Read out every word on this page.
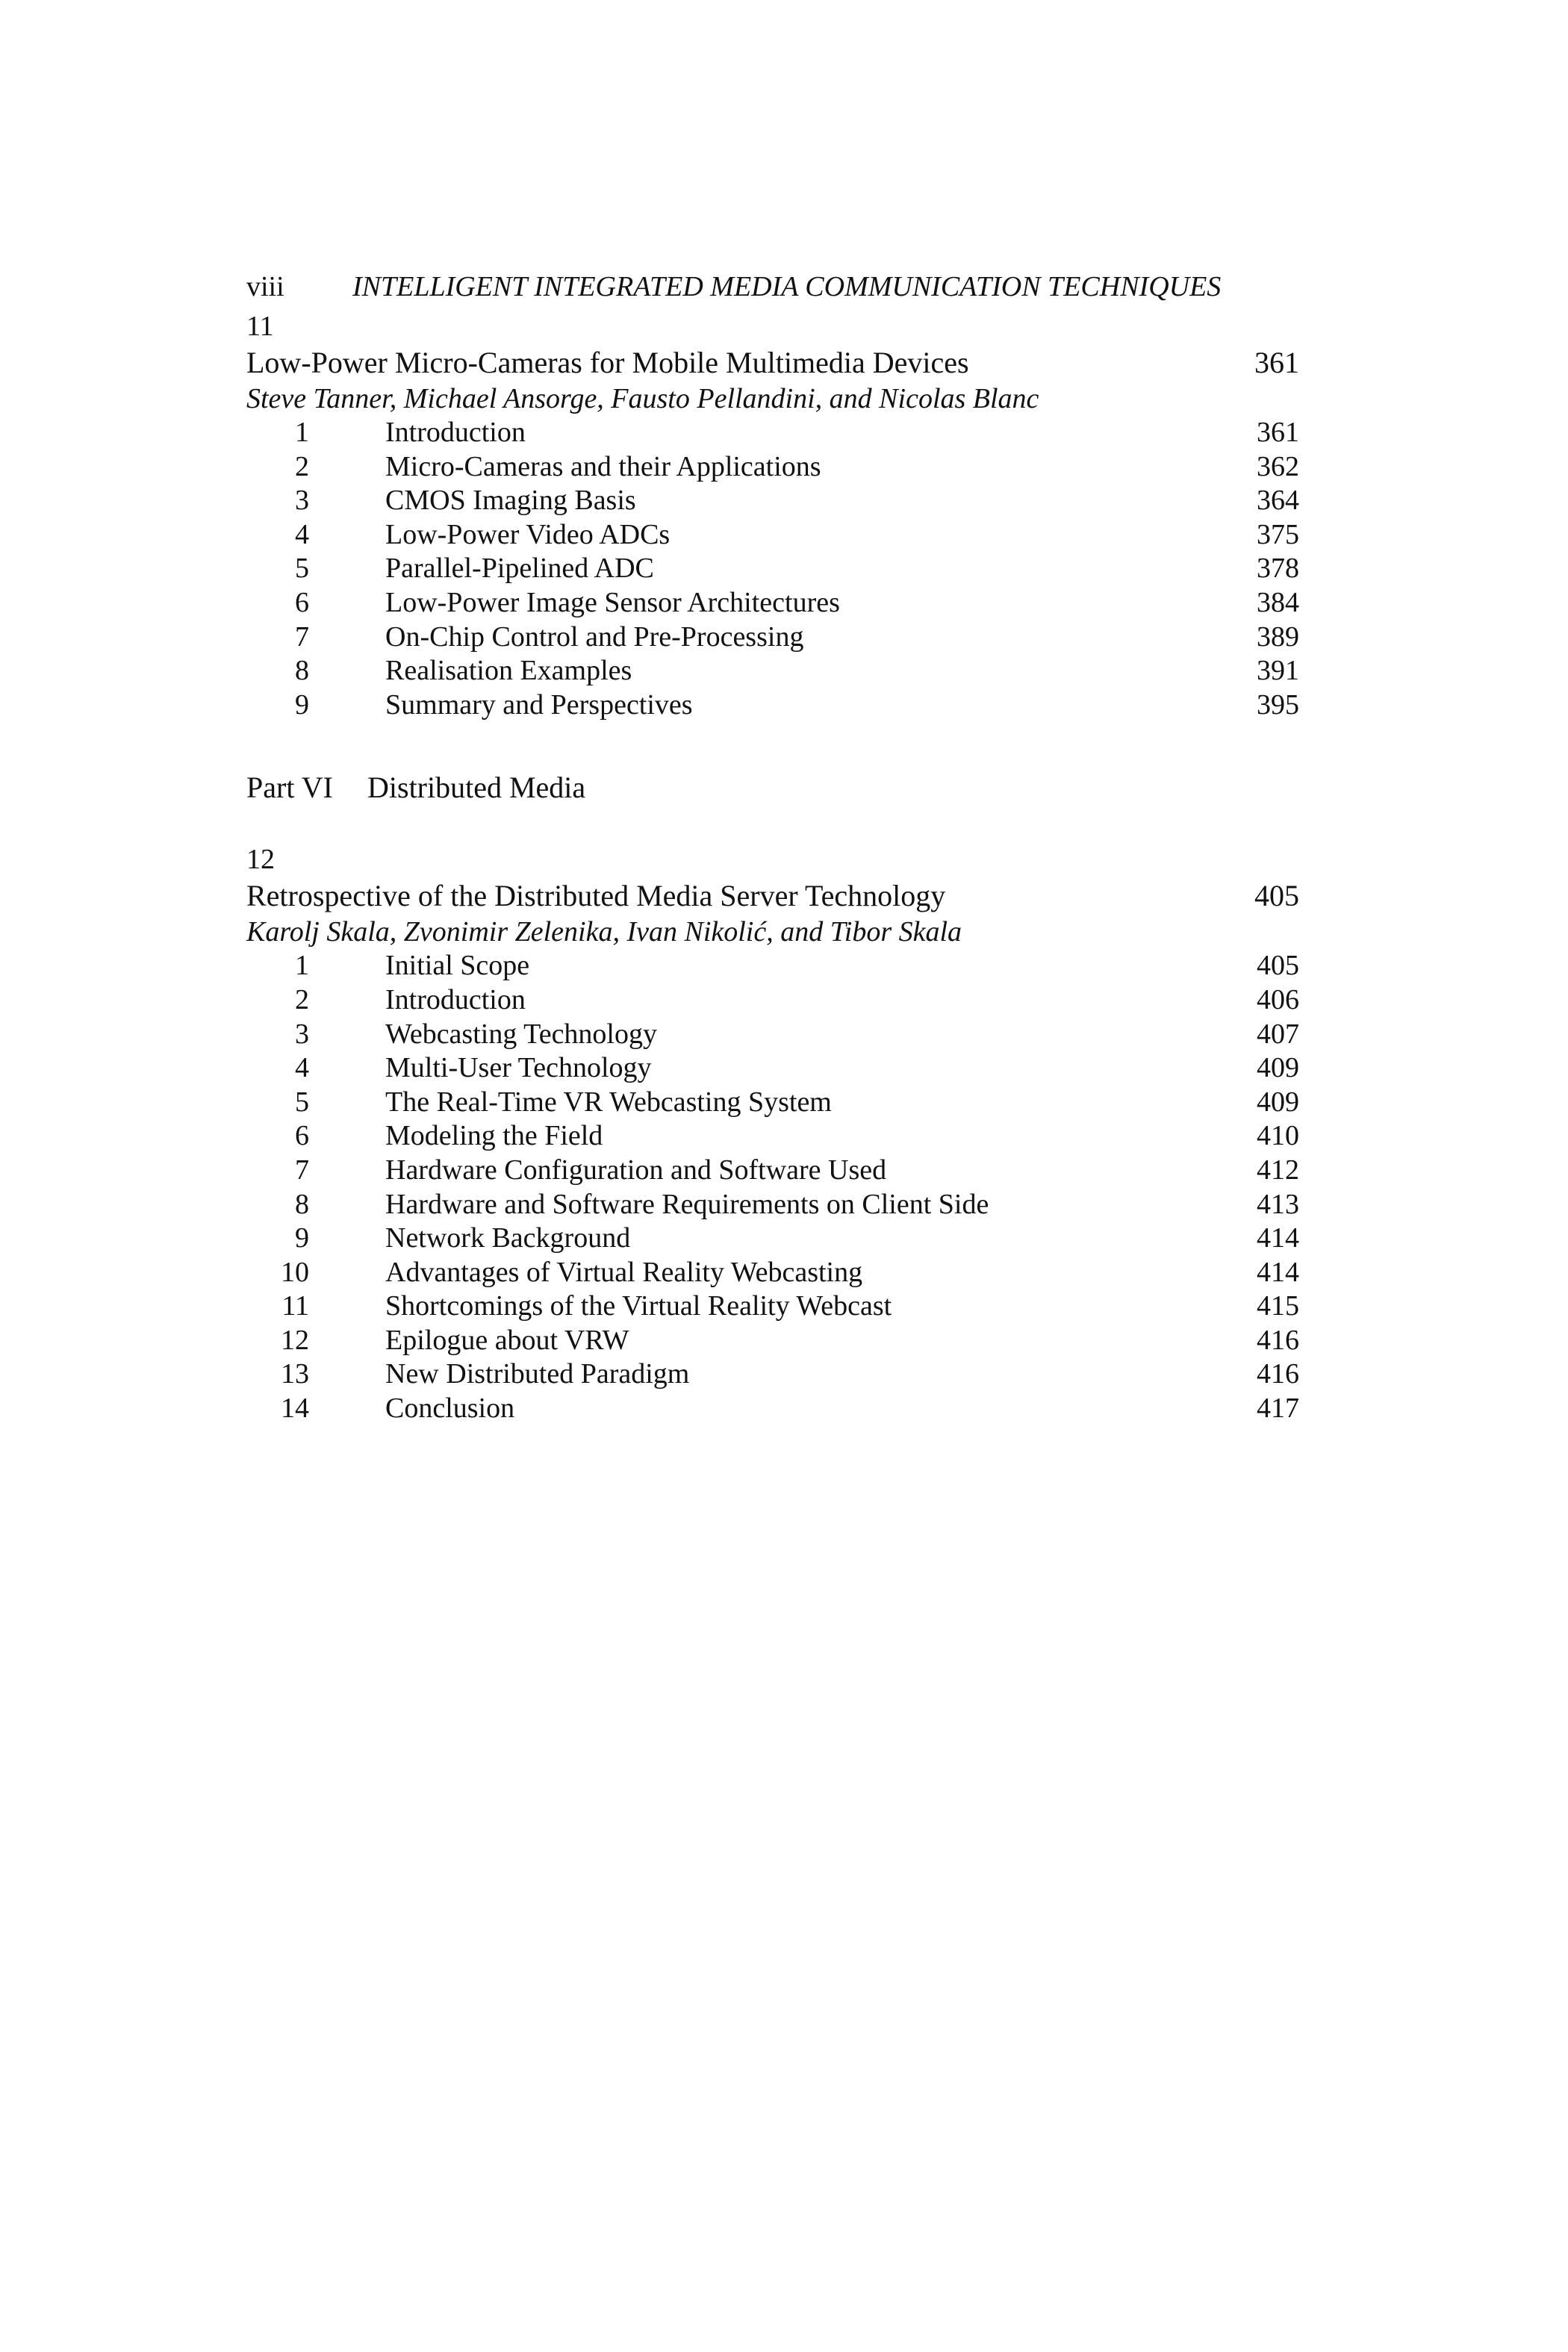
viii INTELLIGENT INTEGRATED MEDIA COMMUNICATION TECHNIQUES
11
Low-Power Micro-Cameras for Mobile Multimedia Devices	361
Steve Tanner, Michael Ansorge, Fausto Pellandini, and Nicolas Blanc
1	Introduction	361
2	Micro-Cameras and their Applications	362
3	CMOS Imaging Basis	364
4	Low-Power Video ADCs	375
5	Parallel-Pipelined ADC	378
6	Low-Power Image Sensor Architectures	384
7	On-Chip Control and Pre-Processing	389
8	Realisation Examples	391
9	Summary and Perspectives	395
Part VI Distributed Media
12
Retrospective of the Distributed Media Server Technology	405
Karolj Skala, Zvonimir Zelenika, Ivan Nikolić, and Tibor Skala
1	Initial Scope	405
2	Introduction	406
3	Webcasting Technology	407
4	Multi-User Technology	409
5	The Real-Time VR Webcasting System	409
6	Modeling the Field	410
7	Hardware Configuration and Software Used	412
8	Hardware and Software Requirements on Client Side	413
9	Network Background	414
10	Advantages of Virtual Reality Webcasting	414
11	Shortcomings of the Virtual Reality Webcast	415
12	Epilogue about VRW	416
13	New Distributed Paradigm	416
14	Conclusion	417
